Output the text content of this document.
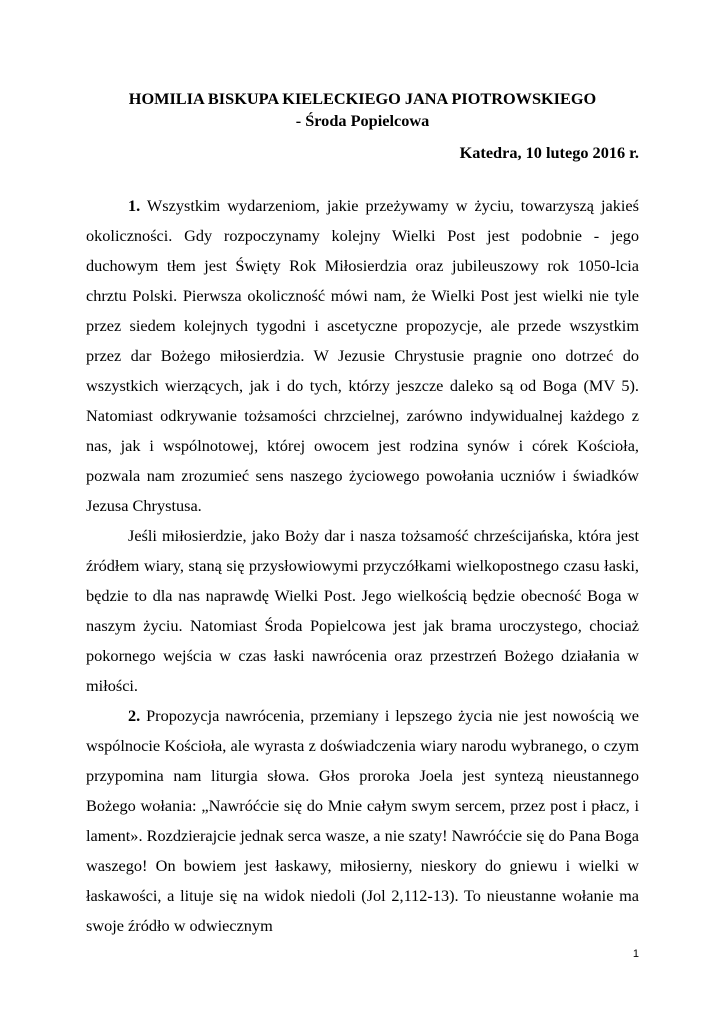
HOMILIA BISKUPA KIELECKIEGO JANA PIOTROWSKIEGO
- Środa Popielcowa
Katedra, 10 lutego 2016 r.

1. Wszystkim wydarzeniom, jakie przeżywamy w życiu, towarzyszą jakieś okoliczności. Gdy rozpoczynamy kolejny Wielki Post jest podobnie - jego duchowym tłem jest Święty Rok Miłosierdzia oraz jubileuszowy rok 1050-lcia chrztu Polski. Pierwsza okoliczność mówi nam, że Wielki Post jest wielki nie tyle przez siedem kolejnych tygodni i ascetyczne propozycje, ale przede wszystkim przez dar Bożego miłosierdzia. W Jezusie Chrystusie pragnie ono dotrzeć do wszystkich wierzących, jak i do tych, którzy jeszcze daleko są od Boga (MV 5). Natomiast odkrywanie tożsamości chrzcielnej, zarówno indywidualnej każdego z nas, jak i wspólnotowej, której owocem jest rodzina synów i córek Kościoła, pozwala nam zrozumieć sens naszego życiowego powołania uczniów i świadków Jezusa Chrystusa.

Jeśli miłosierdzie, jako Boży dar i nasza tożsamość chrześcijańska, która jest źródłem wiary, staną się przysłowiowymi przyczółkami wielkopostnego czasu łaski, będzie to dla nas naprawdę Wielki Post. Jego wielkością będzie obecność Boga w naszym życiu. Natomiast Środa Popielcowa jest jak brama uroczystego, chociaż pokornego wejścia w czas łaski nawrócenia oraz przestrzeń Bożego działania w miłości.

2. Propozycja nawrócenia, przemiany i lepszego życia nie jest nowością we wspólnocie Kościoła, ale wyrasta z doświadczenia wiary narodu wybranego, o czym przypomina nam liturgia słowa. Głos proroka Joela jest syntezą nieustannego Bożego wołania: „Nawróćcie się do Mnie całym swym sercem, przez post i płacz, i lament». Rozdzierajcie jednak serca wasze, a nie szaty! Nawróćcie się do Pana Boga waszego! On bowiem jest łaskawy, miłosierny, nieskory do gniewu i wielki w łaskawości, a lituje się na widok niedoli (Jol 2,112-13). To nieustanne wołanie ma swoje źródło w odwiecznym

1
